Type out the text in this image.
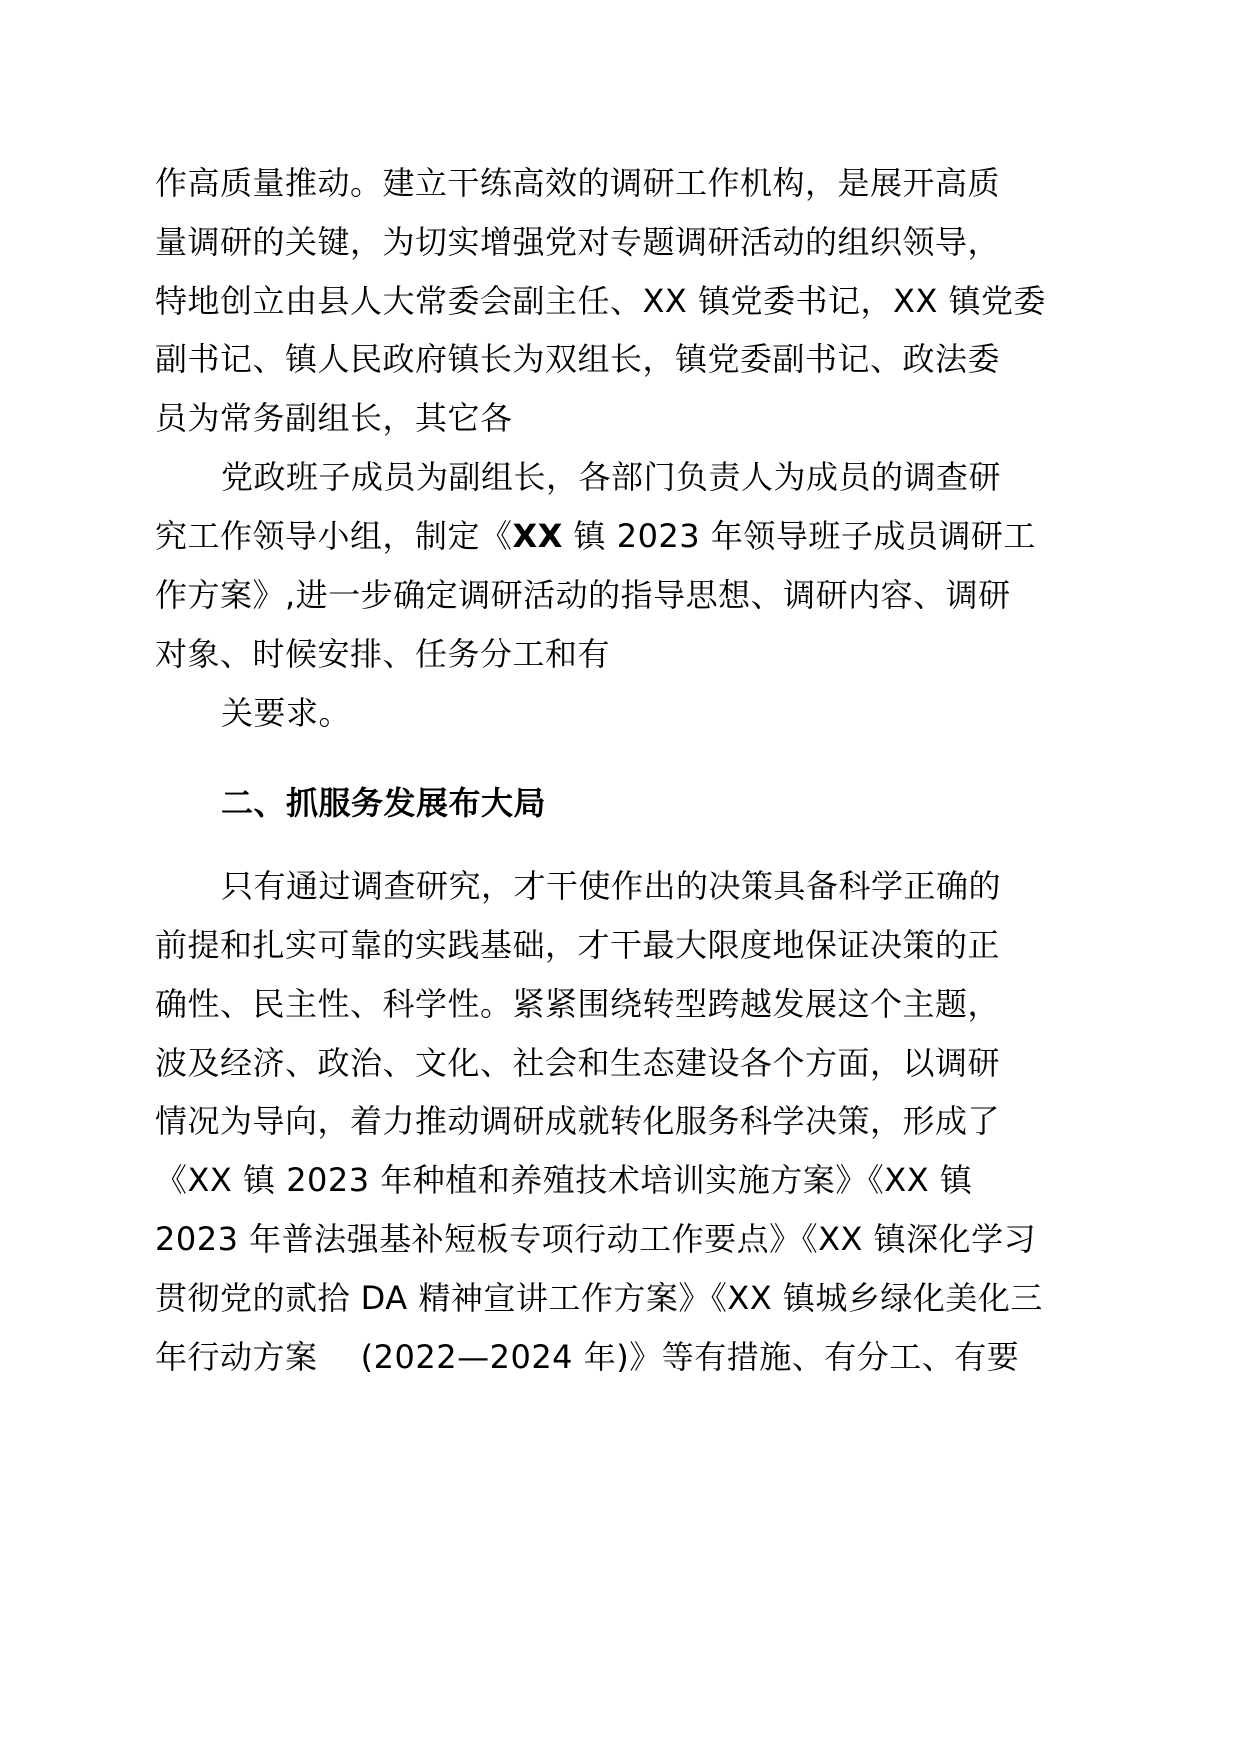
作高质量推动。建立干练高效的调研工作机构，是展开高质

量调研的关键，为切实增强党对专题调研活动的组织领导，

特地创立由县人大常委会副主任、XX 镇党委书记，XX 镇党委

副书记、镇人民政府镇长为双组长，镇党委副书记、政法委

员为常务副组长，其它各

党政班子成员为副组长，各部门负责人为成员的调查研

究工作领导小组，制定《XX 镇 2023 年领导班子成员调研工

作方案》,进一步确定调研活动的指导思想、调研内容、调研

对象、时候安排、任务分工和有

关要求。

二、抓服务发展布大局

只有通过调查研究，才干使作出的决策具备科学正确的

前提和扎实可靠的实践基础，才干最大限度地保证决策的正

确性、民主性、科学性。紧紧围绕转型跨越发展这个主题，

波及经济、政治、文化、社会和生态建设各个方面，以调研

情况为导向，着力推动调研成就转化服务科学决策，形成了

《XX 镇 2023 年种植和养殖技术培训实施方案》《XX 镇

2023 年普法强基补短板专项行动工作要点》《XX 镇深化学习

贯彻党的贰拾 DA 精神宣讲工作方案》《XX 镇城乡绿化美化三

年行动方案　 (2022—2024 年)》等有措施、有分工、有要
